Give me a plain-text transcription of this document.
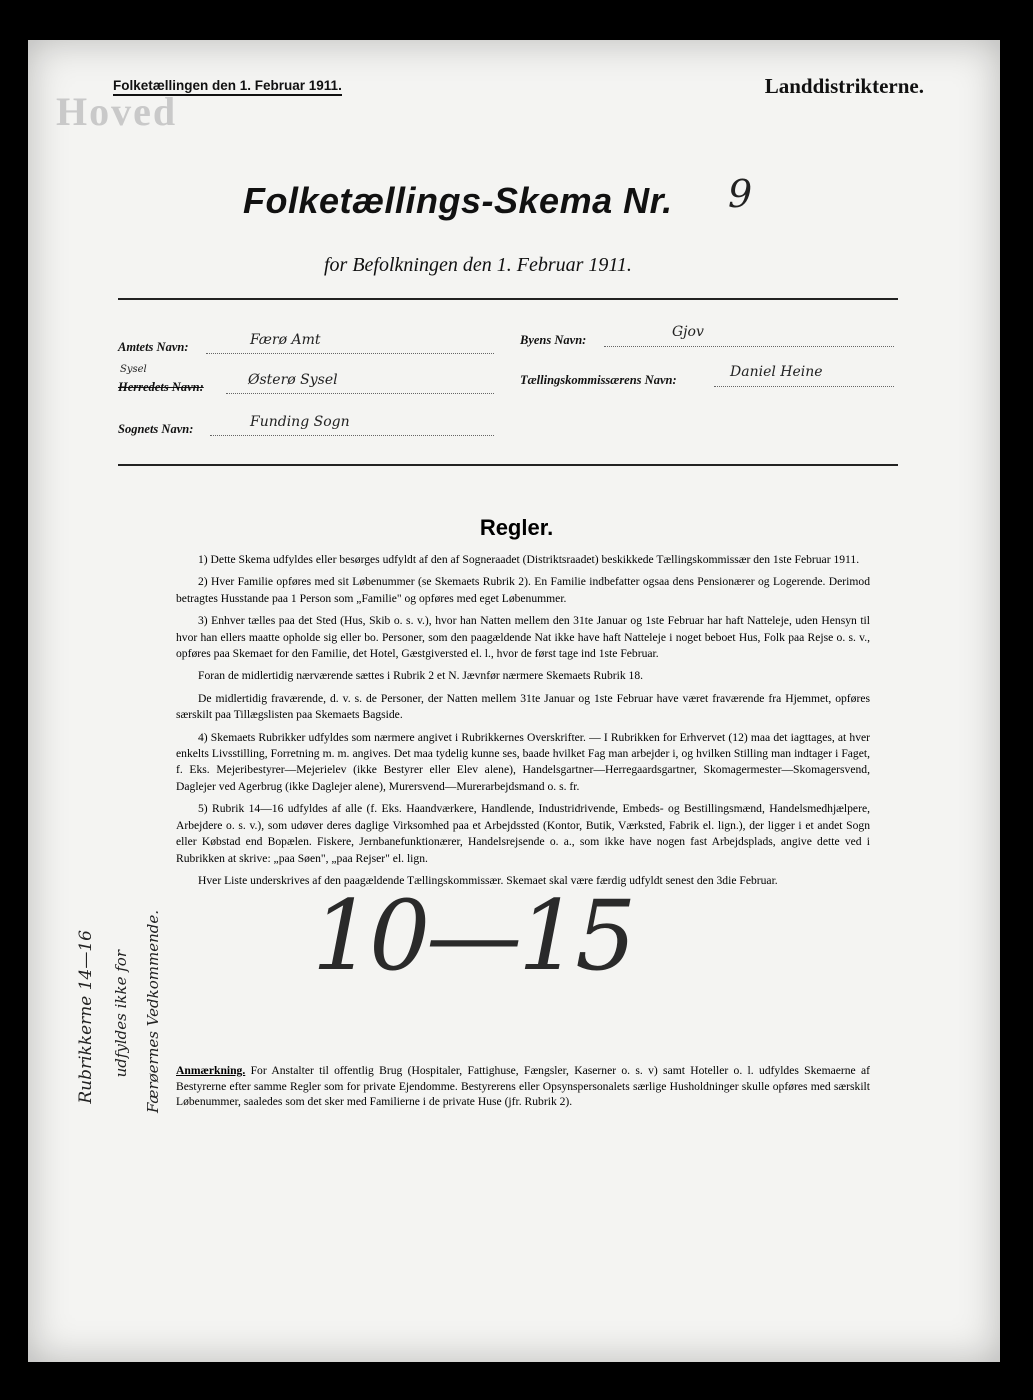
Hoved
Folketællingen den 1. Februar 1911.	Landdistrikterne.
Folketællings-Skema Nr. 9
for Befolkningen den 1. Februar 1911.
Amtets Navn:	Færø Amt	Byens Navn:	Gjov
Sysel
Herredets Navn:	Østerø Sysel	Tællingskommissærens Navn:	Daniel Heine
Sognets Navn:	Funding Sogn
Regler.

1) Dette Skema udfyldes eller besørges udfyldt af den af Sogneraadet (Distriktsraadet) beskikkede Tællingskommissær den 1ste Februar 1911.

2) Hver Familie opføres med sit Løbenummer (se Skemaets Rubrik 2). En Familie indbefatter ogsaa dens Pensionærer og Logerende. Derimod betragtes Husstande paa 1 Person som „Familie" og opføres med eget Løbenummer.

3) Enhver tælles paa det Sted (Hus, Skib o. s. v.), hvor han Natten mellem den 31te Januar og 1ste Februar har haft Natteleje, uden Hensyn til hvor han ellers maatte opholde sig eller bo. Personer, som den paagældende Nat ikke have haft Natteleje i noget beboet Hus, Folk paa Rejse o. s. v., opføres paa Skemaet for den Familie, det Hotel, Gæstgiversted el. l., hvor de først tage ind 1ste Februar.

Foran de midlertidig nærværende sættes i Rubrik 2 et N. Jævnfør nærmere Skemaets Rubrik 18.

De midlertidig fraværende, d. v. s. de Personer, der Natten mellem 31te Januar og 1ste Februar have været fraværende fra Hjemmet, opføres særskilt paa Tillægslisten paa Skemaets Bagside.

4) Skemaets Rubrikker udfyldes som nærmere angivet i Rubrikkernes Overskrifter. — I Rubrikken for Erhvervet (12) maa det iagttages, at hver enkelts Livsstilling, Forretning m. m. angives. Det maa tydelig kunne ses, baade hvilket Fag man arbejder i, og hvilken Stilling man indtager i Faget, f. Eks. Mejeribestyrer—Mejerielev (ikke Bestyrer eller Elev alene), Handelsgartner—Herregaardsgartner, Skomagermester—Skomagersvend, Daglejer ved Agerbrug (ikke Daglejer alene), Murersvend—Murerarbejdsmand o. s. fr.

5) Rubrik 14—16 udfyldes af alle (f. Eks. Haandværkere, Handlende, Industridrivende, Embeds- og Bestillingsmænd, Handelsmedhjælpere, Arbejdere o. s. v.), som udøver deres daglige Virksomhed paa et Arbejdssted (Kontor, Butik, Værksted, Fabrik el. lign.), der ligger i et andet Sogn eller Købstad end Bopælen. Fiskere, Jernbanefunktionærer, Handelsrejsende o. a., som ikke have nogen fast Arbejdsplads, angive dette ved i Rubrikken at skrive: „paa Søen", „paa Rejser" el. lign.

Hver Liste underskrives af den paagældende Tællingskommissær. Skemaet skal være færdig udfyldt senest den 3die Februar.

10—15
Anmærkning. For Anstalter til offentlig Brug (Hospitaler, Fattighuse, Fængsler, Kaserner o. s. v) samt Hoteller o. l. udfyldes Skemaerne af Bestyrerne efter samme Regler som for private Ejendomme. Bestyrerens eller Opsynspersonalets særlige Husholdninger skulle opføres med særskilt Løbenummer, saaledes som det sker med Familierne i de private Huse (jfr. Rubrik 2).
Rubrikkerne 14—16 udfyldes ikke for Færøernes Vedkommende.
